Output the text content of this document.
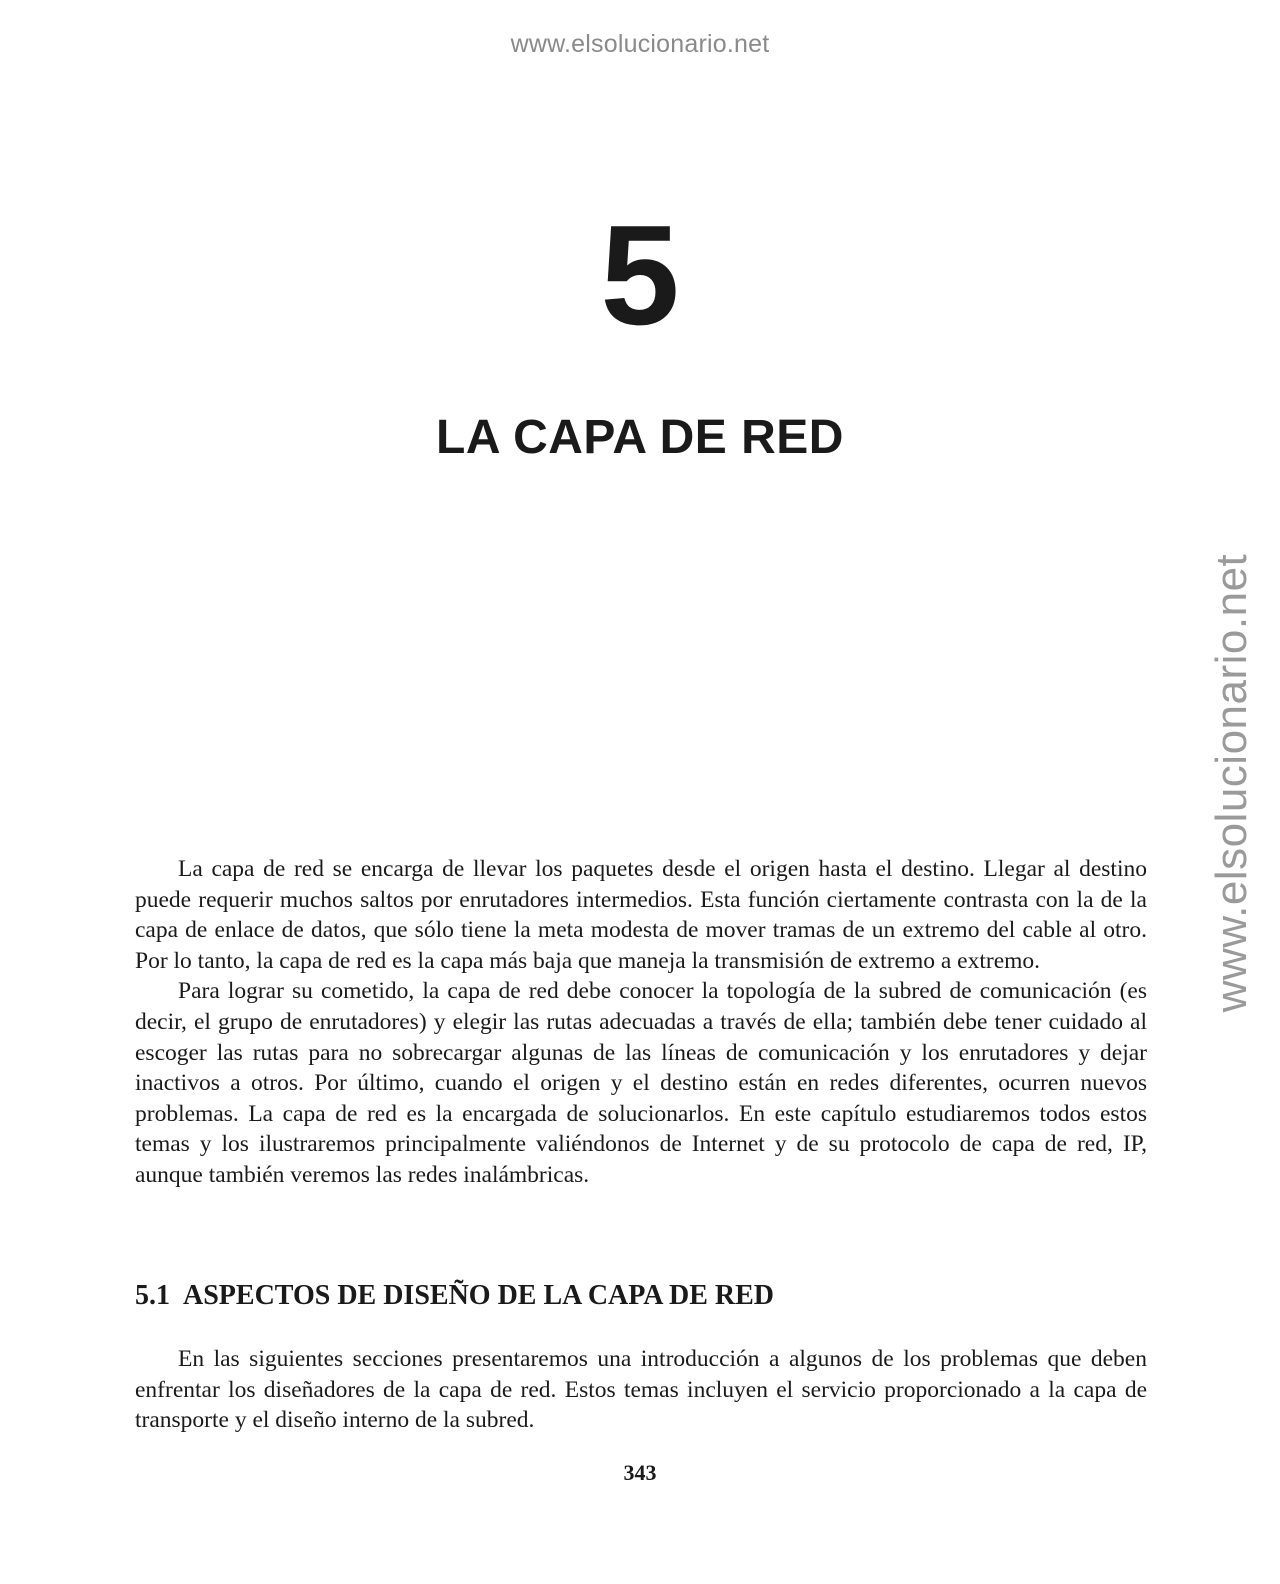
www.elsolucionario.net
www.elsolucionario.net
5
LA CAPA DE RED

La capa de red se encarga de llevar los paquetes desde el origen hasta el destino. Llegar al destino puede requerir muchos saltos por enrutadores intermedios. Esta función ciertamente contrasta con la de la capa de enlace de datos, que sólo tiene la meta modesta de mover tramas de un extremo del cable al otro. Por lo tanto, la capa de red es la capa más baja que maneja la transmisión de extremo a extremo.

Para lograr su cometido, la capa de red debe conocer la topología de la subred de comunicación (es decir, el grupo de enrutadores) y elegir las rutas adecuadas a través de ella; también debe tener cuidado al escoger las rutas para no sobrecargar algunas de las líneas de comunicación y los enrutadores y dejar inactivos a otros. Por último, cuando el origen y el destino están en redes diferentes, ocurren nuevos problemas. La capa de red es la encargada de solucionarlos. En este capítulo estudiaremos todos estos temas y los ilustraremos principalmente valiéndonos de Internet y de su protocolo de capa de red, IP, aunque también veremos las redes inalámbricas.

5.1 ASPECTOS DE DISEÑO DE LA CAPA DE RED

En las siguientes secciones presentaremos una introducción a algunos de los problemas que deben enfrentar los diseñadores de la capa de red. Estos temas incluyen el servicio proporcionado a la capa de transporte y el diseño interno de la subred.

343
